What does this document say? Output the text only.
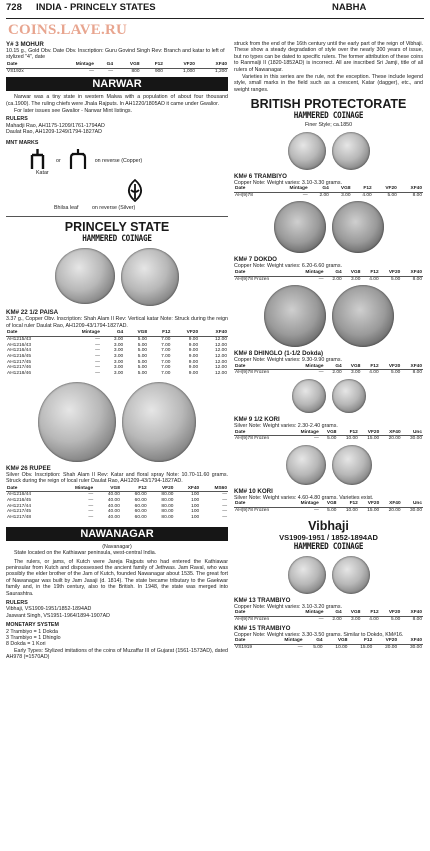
728 INDIA - PRINCELY STATES	NABHA
COINS.LAVE.RU
Y# 3 MOHUR

10.15 g., Gold Obv. Date Obv. Inscription: Guru Govind Singh Rev: Branch and katar to left of stylized "4", date

Date	Mintage	G4	VG8	F12	VF20	XF40
VS192x	—	—	800	900	1,000	1,200
NARWAR

Narwar was a tiny state in western Malwa with a population of about four thousand (ca.1900). The ruling chiefs were Jhala Rajputs. In AH1220/1805AD it came under Gwalior.

For later issues see Gwalior - Narwar Mint listings.

RULERS
Mahadji Rao, AH1175-1209/1761-1794AD
Daulat Rao, AH1209-1249/1794-1827AD
MNT MARKS
or	on reverse (Copper)
Katar
Bhilsa leaf	on reverse (Silver)
PRINCELY STATE
HAMMERED COINAGE
KM# 22 1/2 PAISA

3.37 g., Copper Obv. Inscription: Shah Alam II Rev: Vertical katar Note: Struck during the reign of local ruler Daulat Rao, AH1209-43/1794-1827AD.

Date	Mintage	G4	VG8	F12	VF20	XF40
AH1215/43	—	3.00	5.00	7.00	9.00	12.00
AH1216/43	—	3.00	5.00	7.00	9.00	12.00
AH1216/44	—	3.00	5.00	7.00	9.00	12.00
AH1216/45	—	3.00	5.00	7.00	9.00	12.00
AH1217/45	—	3.00	5.00	7.00	9.00	12.00
AH1217/46	—	3.00	5.00	7.00	9.00	12.00
AH1218/46	—	3.00	5.00	7.00	9.00	12.00
KM# 26 RUPEE

Silver Obv. Inscription: Shah Alam II Rev: Katar and floral spray Note: 10.70-11.60 grams. Struck during the reign of local ruler Daulat Rao, AH1209-43/1794-1827AD.

Date	Mintage	VG8	F12	VF20	XF40	MS60
AH1216/44	—	40.00	60.00	80.00	100	—
AH1216/45	—	40.00	60.00	80.00	100	—
AH1217/44	—	40.00	60.00	80.00	100	—
AH1217/45	—	40.00	60.00	80.00	100	—
AH1217/48	—	40.00	60.00	80.00	100	—
NAWANAGAR
(Navanagar)

State located on the Kathiawar peninsula, west-central India.

The rulers, or jams, of Kutch were Jareja Rajputs who had entered the Kathiawar peninsular from Kutch and dispossessed the ancient family of Jethwas. Jam Raval, who was possibly the elder brother of the Jam of Kutch, founded Nawanagar about 1535. The great fort of Nawanagar was built by Jam Jasaji (d. 1814). The state became tributary to the Gaekwar family and, in the 19th century, also to the British. In 1948, the state was merged into Saurashtra.

RULERS
Vibhaji, VS1909-1951/1852-1894AD
Jaswant Singh, VS1951-1964/1894-1907AD
MONETARY SYSTEM
2 Trambiyo = 1 Dokda
3 Trambiyo = 1 Dhinglo
8 Dokda = 1 Kori

Early Types: Stylized imitations of the coins of Muzaffar III of Gujarat (1561-1573AD), dated AH978 (=1570AD)

struck from the end of the 16th century until the early part of the reign of Vibhaji. These show a steady degradation of style over the nearly 300 years of issue, but no types can be dated to specific rulers. The former attribution of these coins to Ranmalji II (1820-1852AD) is incorrect. All are inscribed Sri Jamji, title of all rulers of Nawanagar.

Varieties in this series are the rule, not the exception. These include legend style, small marks in the field such as a crescent, Katar (dagger), etc., and weight ranges.

BRITISH PROTECTORATE
HAMMERED COINAGE
Finer Style; ca.1850
KM# 6 TRAMBIYO
Copper Note: Weight varies: 3.10-3.30 grams.
Date	Mintage	G4	VG8	F12	VF20	XF40
AH(9)78	—	2.00	3.00	4.00	5.00	8.00
KM# 7 DOKDO
Copper Note: Weight varies: 6.20-6.60 grams.
Date	Mintage	G4	VG8	F12	VF20	XF40
AH(9)78 Frozen	—	2.00	3.00	4.00	5.00	8.00
KM# 8 DHINGLO (1-1/2 Dokda)
Copper Note: Weight varies: 9.30-9.90 grams.
Date	Mintage	G4	VG8	F12	VF20	XF40
AH(9)78 Frozen	—	2.00	3.00	4.00	5.00	8.00
KM# 9 1/2 KORI
Silver Note: Weight varies: 2.30-2.40 grams.
Date	Mintage	VG8	F12	VF20	XF40	Unc
AH(9)78 Frozen	—	5.00	10.00	15.00	20.00	30.00
KM# 10 KORI
Silver Note: Weight varies: 4.60-4.80 grams. Varieties exist.
Date	Mintage	VG8	F12	VF20	XF40	Unc
AH(9)78 Frozen	—	5.00	10.00	15.00	20.00	30.00
Vibhaji
VS1909-1951 / 1852-1894AD
HAMMERED COINAGE
KM# 13 TRAMBIYO
Copper Note: Weight varies: 3.10-3.20 grams.
Date	Mintage	G4	VG8	F12	VF20	XF40
AH(9)78 Frozen	—	2.00	3.00	4.00	5.00	8.00
KM# 15 TRAMBIYO
Copper Note: Weight varies: 3.30-3.50 grams. Similar to Dokdo, KM#16.
Date	Mintage	G4	VG8	F12	VF20	XF40
VS1919	—	5.00	10.00	15.00	20.00	30.00
